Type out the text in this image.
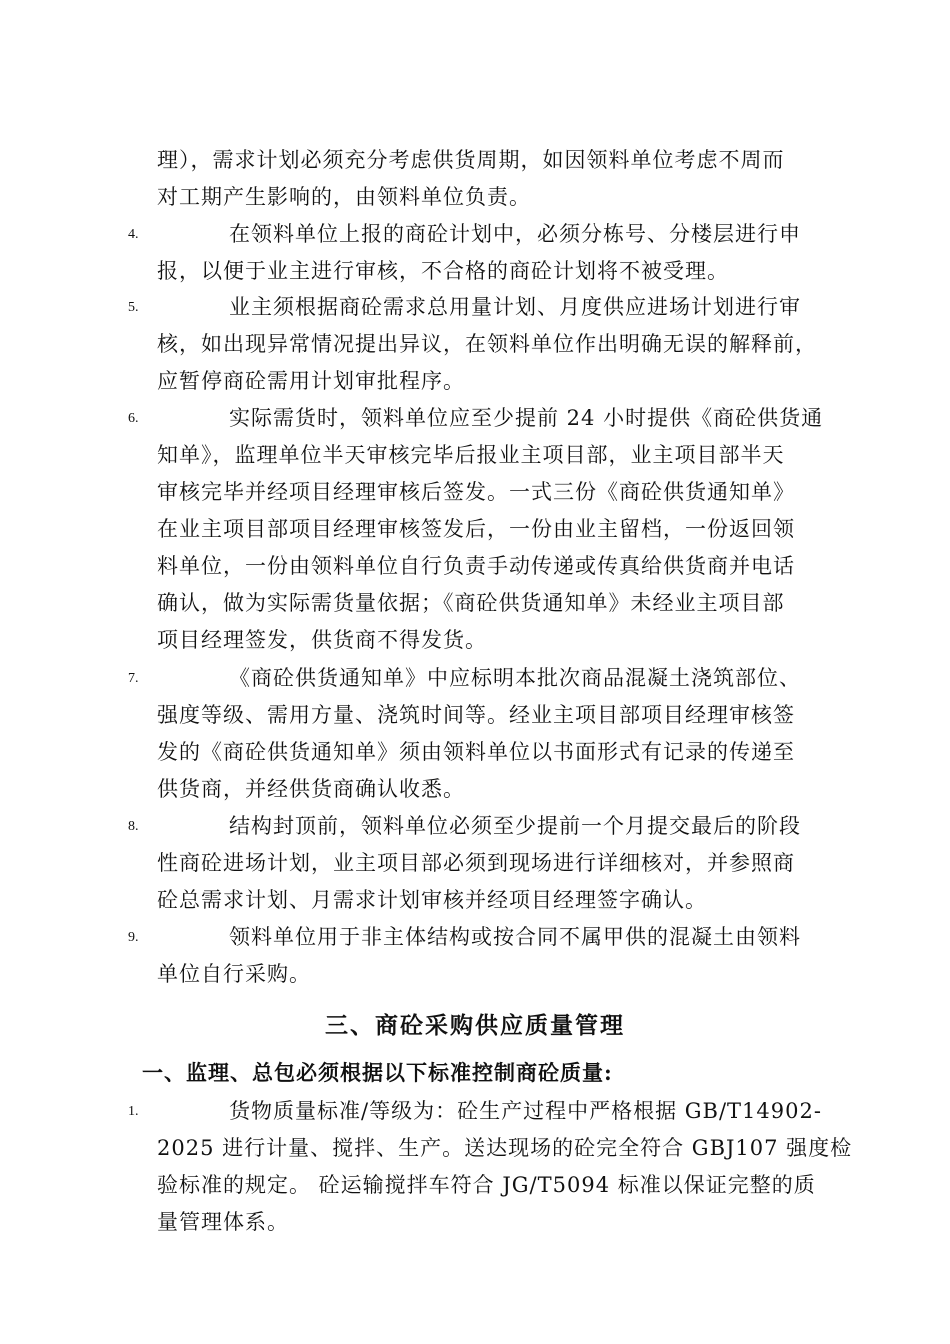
理），需求计划必须充分考虑供货周期，如因领料单位考虑不周而
对工期产生影响的，由领料单位负责。
4.	在领料单位上报的商砼计划中，必须分栋号、分楼层进行申
报，以便于业主进行审核，不合格的商砼计划将不被受理。
5.	业主须根据商砼需求总用量计划、月度供应进场计划进行审
核，如出现异常情况提出异议，在领料单位作出明确无误的解释前，
应暂停商砼需用计划审批程序。
6.	实际需货时，领料单位应至少提前 24 小时提供《商砼供货通
知单》，监理单位半天审核完毕后报业主项目部，业主项目部半天
审核完毕并经项目经理审核后签发。一式三份《商砼供货通知单》
在业主项目部项目经理审核签发后，一份由业主留档，一份返回领
料单位，一份由领料单位自行负责手动传递或传真给供货商并电话
确认，做为实际需货量依据；《商砼供货通知单》未经业主项目部
项目经理签发，供货商不得发货。
7.	《商砼供货通知单》中应标明本批次商品混凝土浇筑部位、
强度等级、需用方量、浇筑时间等。经业主项目部项目经理审核签
发的《商砼供货通知单》须由领料单位以书面形式有记录的传递至
供货商，并经供货商确认收悉。
8.	结构封顶前，领料单位必须至少提前一个月提交最后的阶段
性商砼进场计划，业主项目部必须到现场进行详细核对，并参照商
砼总需求计划、月需求计划审核并经项目经理签字确认。
9.	领料单位用于非主体结构或按合同不属甲供的混凝土由领料
单位自行采购。
三、商砼采购供应质量管理
一、监理、总包必须根据以下标准控制商砼质量:
1.	货物质量标准/等级为：砼生产过程中严格根据 GB/T14902-
2025 进行计量、搅拌、生产。送达现场的砼完全符合 GBJ107 强度检
验标准的规定。 砼运输搅拌车符合 JG/T5094 标准以保证完整的质
量管理体系。
